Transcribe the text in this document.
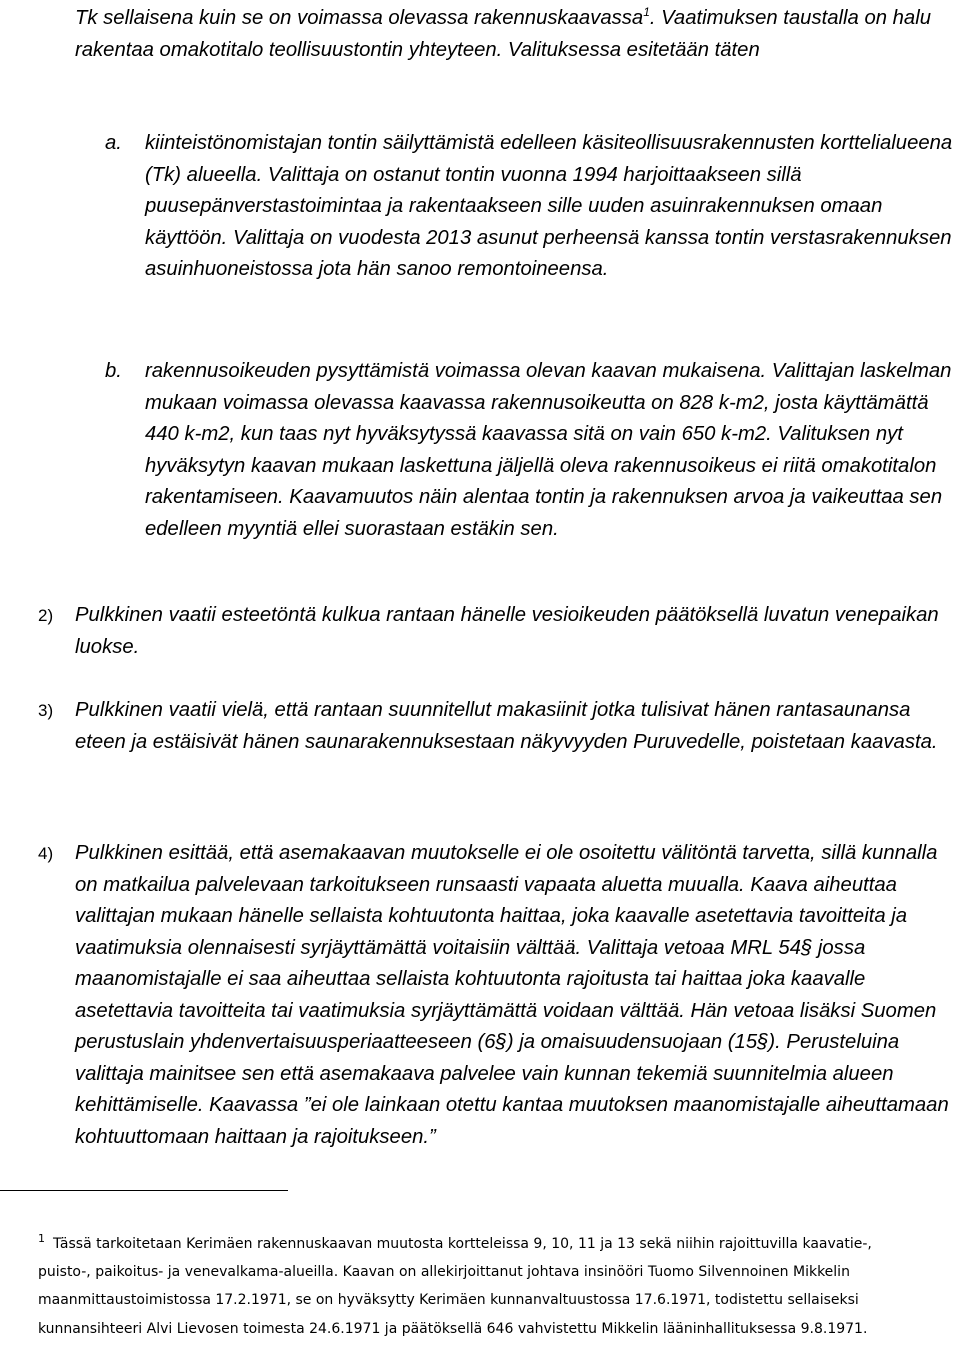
Tk sellaisena kuin se on voimassa olevassa rakennuskaavassa$^1$. Vaatimuksen taustalla on halu rakentaa omakotitalo teollisuustontin yhteyteen. Valituksessa esitetään täten
a. kiinteistönomistajan tontin säilyttämistä edelleen käsiteollisuusrakennusten korttelialueena (Tk) alueella. Valittaja on ostanut tontin vuonna 1994 harjoittaakseen sillä puusepänverstastoimintaa ja rakentaakseen sille uuden asuinrakennuksen omaan käyttöön. Valittaja on vuodesta 2013 asunut perheensä kanssa tontin verstasrakennuksen asuinhuoneistossa jota hän sanoo remontoineensa.
b. rakennusoikeuden pysyttämistä voimassa olevan kaavan mukaisena. Valittajan laskelman mukaan voimassa olevassa kaavassa rakennusoikeutta on 828 k-m2, josta käyttämättä 440 k-m2, kun taas nyt hyväksytyssä kaavassa sitä on vain 650 k-m2. Valituksen nyt hyväksytyn kaavan mukaan laskettuna jäljellä oleva rakennusoikeus ei riitä omakotitalon rakentamiseen. Kaavamuutos näin alentaa tontin ja rakennuksen arvoa ja vaikeuttaa sen edelleen myyntiä ellei suorastaan estäkin sen.
2) Pulkkinen vaatii esteetöntä kulkua rantaan hänelle vesioikeuden päätöksellä luvatun venepaikan luokse.
3) Pulkkinen vaatii vielä, että rantaan suunnitellut makasiinit jotka tulisivat hänen rantasaunansa eteen ja estäisivät hänen saunarakennuksestaan näkyvyyden Puruvedelle, poistetaan kaavasta.
4) Pulkkinen esittää, että asemakaavan muutokselle ei ole osoitettu välitöntä tarvetta, sillä kunnalla on matkailua palvelevaan tarkoitukseen runsaasti vapaata aluetta muualla. Kaava aiheuttaa valittajan mukaan hänelle sellaista kohtuutonta haittaa, joka kaavalle asetettavia tavoitteita ja vaatimuksia olennaisesti syrjäyttämättä voitaisiin välttää. Valittaja vetoaa MRL 54§ jossa maanomistajalle ei saa aiheuttaa sellaista kohtuutonta rajoitusta tai haittaa joka kaavalle asetettavia tavoitteita tai vaatimuksia syrjäyttämättä voidaan välttää. Hän vetoaa lisäksi Suomen perustuslain yhdenvertaisuusperiaatteeseen (6§) ja omaisuudensuojaan (15§). Perusteluina valittaja mainitsee sen että asemakaava palvelee vain kunnan tekemiä suunnitelmia alueen kehittämiselle. Kaavassa ”ei ole lainkaan otettu kantaa muutoksen maanomistajalle aiheuttamaan kohtuuttomaan haittaan ja rajoitukseen.”
$^1$ Tässä tarkoitetaan Kerimäen rakennuskaavan muutosta kortteleissa 9, 10, 11 ja 13 sekä niihin rajoittuvilla kaavatie-, puisto-, paikoitus- ja venevalkama-alueilla. Kaavan on allekirjoittanut johtava insinööri Tuomo Silvennoinen Mikkelin maanmittaustoimistossa 17.2.1971, se on hyväksytty Kerimäen kunnanvaltuustossa 17.6.1971, todistettu sellaiseksi kunnansihteeri Alvi Lievosen toimesta 24.6.1971 ja päätöksellä 646 vahvistettu Mikkelin lääninhallituksessa 9.8.1971.
